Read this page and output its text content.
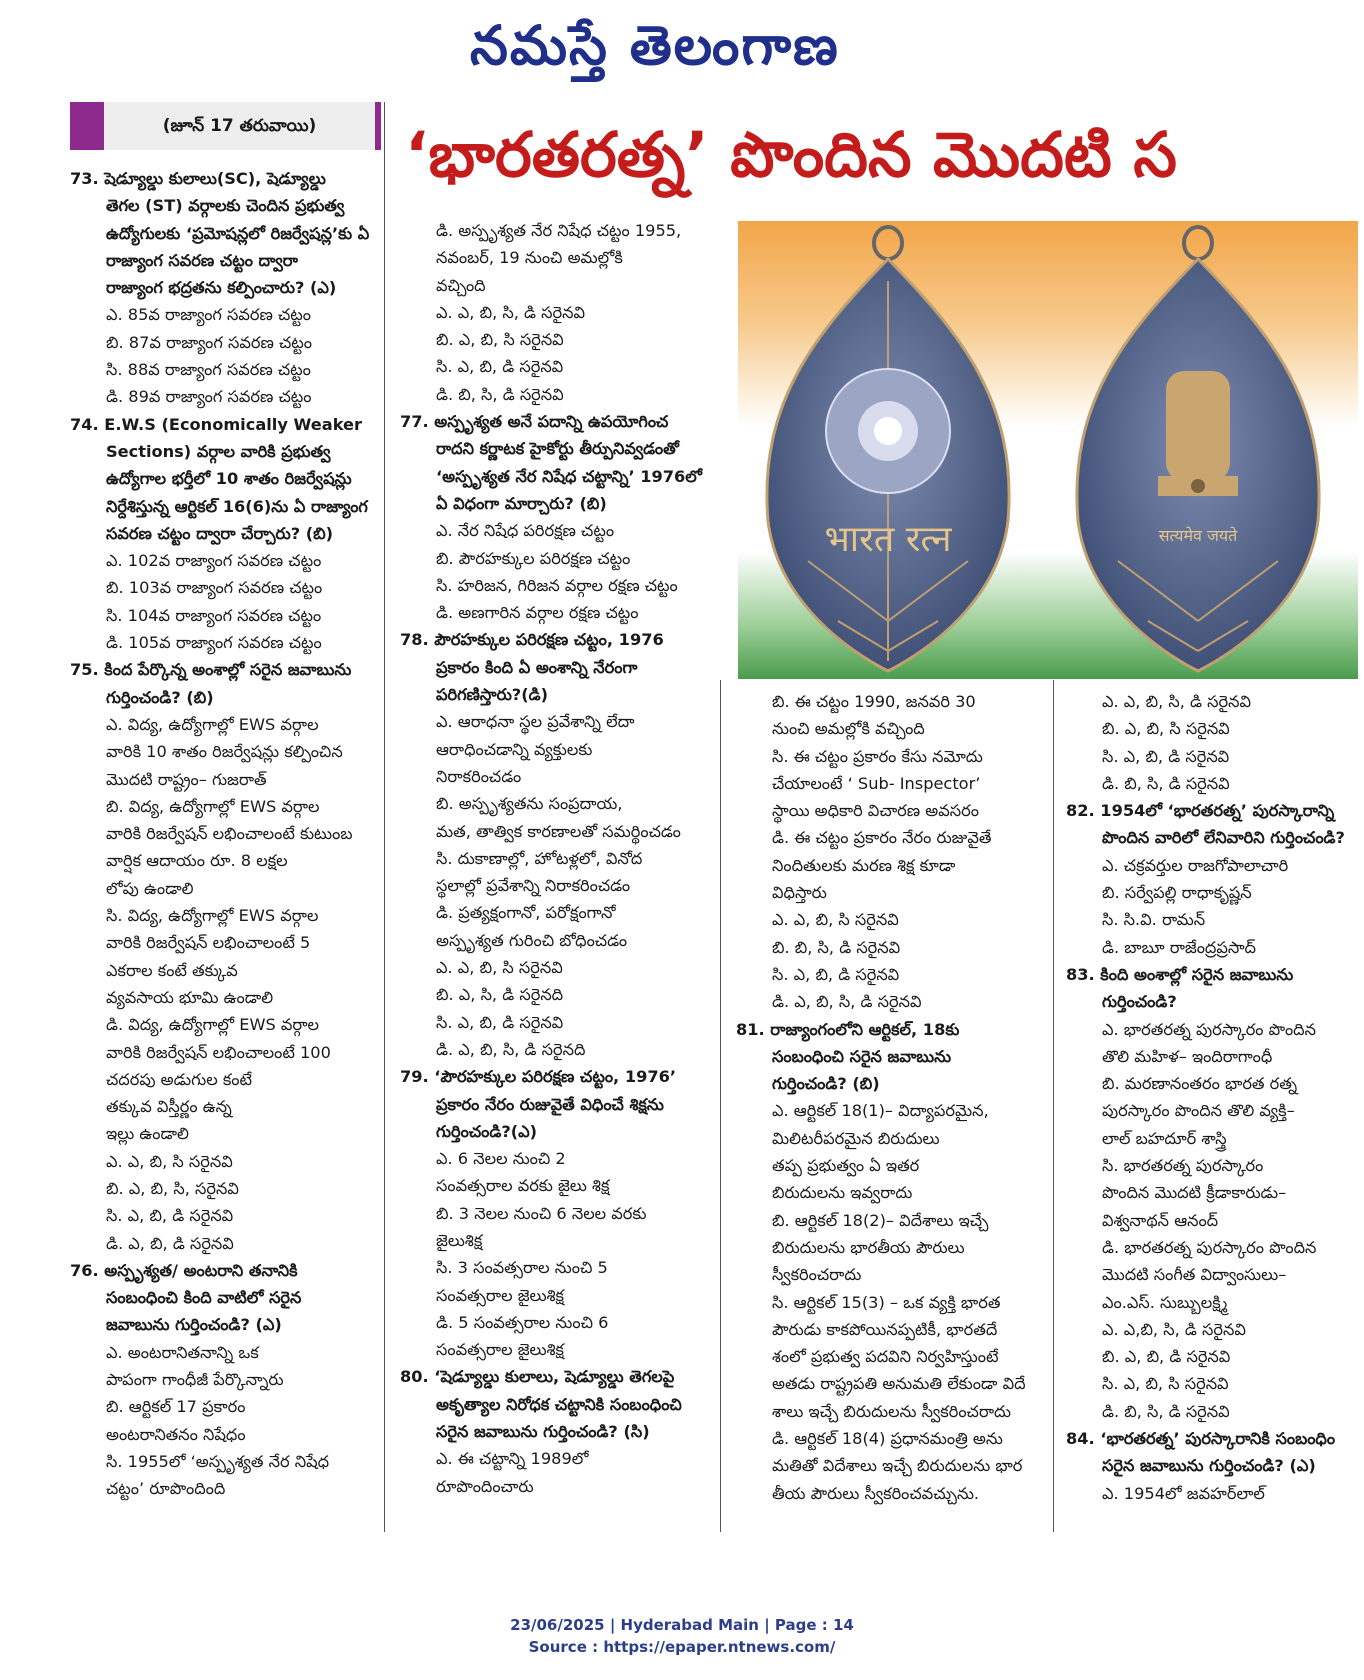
నమస్తే తెలంగాణ
(జూన్ 17 తరువాయి)	‘భారతరత్న’ పొందిన మొదటి స
भारत रत्न	सत्यमेव जयते

73. షెడ్యూల్డు కులాలు(SC), షెడ్యూల్డు

తెగల (ST) వర్గాలకు చెందిన ప్రభుత్వ

ఉద్యోగులకు ‘ప్రమోషన్లలో రిజర్వేషన్ల’కు ఏ

రాజ్యాంగ సవరణ చట్టం ద్వారా

రాజ్యాంగ భద్రతను కల్పించారు? (ఎ)

ఎ. 85వ రాజ్యాంగ సవరణ చట్టం

బి. 87వ రాజ్యాంగ సవరణ చట్టం

సి. 88వ రాజ్యాంగ సవరణ చట్టం

డి. 89వ రాజ్యాంగ సవరణ చట్టం

74. E.W.S (Economically Weaker

Sections) వర్గాల వారికి ప్రభుత్వ

ఉద్యోగాల భర్తీలో 10 శాతం రిజర్వేషన్లు

నిర్దేశిస్తున్న ఆర్టికల్ 16(6)ను ఏ రాజ్యాంగ

సవరణ చట్టం ద్వారా చేర్చారు? (బి)

ఎ. 102వ రాజ్యాంగ సవరణ చట్టం

బి. 103వ రాజ్యాంగ సవరణ చట్టం

సి. 104వ రాజ్యాంగ సవరణ చట్టం

డి. 105వ రాజ్యాంగ సవరణ చట్టం

75. కింద పేర్కొన్న అంశాల్లో సరైన జవాబును

గుర్తించండి? (బి)

ఎ. విద్య, ఉద్యోగాల్లో EWS వర్గాల

వారికి 10 శాతం రిజర్వేషన్లు కల్పించిన

మొదటి రాష్ట్రం– గుజరాత్

బి. విద్య, ఉద్యోగాల్లో EWS వర్గాల

వారికి రిజర్వేషన్ లభించాలంటే కుటుంబ

వార్షిక ఆదాయం రూ. 8 లక్షల

లోపు ఉండాలి

సి. విద్య, ఉద్యోగాల్లో EWS వర్గాల

వారికి రిజర్వేషన్ లభించాలంటే 5

ఎకరాల కంటే తక్కువ

వ్యవసాయ భూమి ఉండాలి

డి. విద్య, ఉద్యోగాల్లో EWS వర్గాల

వారికి రిజర్వేషన్ లభించాలంటే 100

చదరపు అడుగుల కంటే

తక్కువ విస్తీర్ణం ఉన్న

ఇల్లు ఉండాలి

ఎ. ఎ, బి, సి సరైనవి

బి. ఎ, బి, సి, సరైనవి

సి. ఎ, బి, డి సరైనవి

డి. ఎ, బి, డి సరైనవి

76. అస్పృశ్యత/ అంటరాని తనానికి

సంబంధించి కింది వాటిలో సరైన

జవాబును గుర్తించండి? (ఎ)

ఎ. అంటరానితనాన్ని ఒక

పాపంగా గాంధీజీ పేర్కొన్నారు

బి. ఆర్టికల్ 17 ప్రకారం

అంటరానితనం నిషేధం

సి. 1955లో ‘అస్పృశ్యత నేర నిషేధ

చట్టం’ రూపొందింది

డి. అస్పృశ్యత నేర నిషేధ చట్టం 1955,

నవంబర్, 19 నుంచి అమల్లోకి

వచ్చింది

ఎ. ఎ, బి, సి, డి సరైనవి

బి. ఎ, బి, సి సరైనవి

సి. ఎ, బి, డి సరైనవి

డి. బి, సి, డి సరైనవి

77. అస్పృశ్యత అనే పదాన్ని ఉపయోగించ

రాదని కర్ణాటక హైకోర్టు తీర్పునివ్వడంతో

‘అస్పృశ్యత నేర నిషేధ చట్టాన్ని’ 1976లో

ఏ విధంగా మార్చారు? (బి)

ఎ. నేర నిషేధ పరిరక్షణ చట్టం

బి. పౌరహక్కుల పరిరక్షణ చట్టం

సి. హరిజన, గిరిజన వర్గాల రక్షణ చట్టం

డి. అణగారిన వర్గాల రక్షణ చట్టం

78. పౌరహక్కుల పరిరక్షణ చట్టం, 1976

ప్రకారం కింది ఏ అంశాన్ని నేరంగా

పరిగణిస్తారు?(డి)

ఎ. ఆరాధనా స్థల ప్రవేశాన్ని లేదా

ఆరాధించడాన్ని వ్యక్తులకు

నిరాకరించడం

బి. అస్పృశ్యతను సంప్రదాయ,

మత, తాత్విక కారణాలతో సమర్థించడం

సి. దుకాణాల్లో, హోటళ్లలో, వినోద

స్థలాల్లో ప్రవేశాన్ని నిరాకరించడం

డి. ప్రత్యక్షంగానో, పరోక్షంగానో

అస్పృశ్యత గురించి బోధించడం

ఎ. ఎ, బి, సి సరైనవి

బి. ఎ, సి, డి సరైనది

సి. ఎ, బి, డి సరైనవి

డి. ఎ, బి, సి, డి సరైనది

79. ‘పౌరహక్కుల పరిరక్షణ చట్టం, 1976’

ప్రకారం నేరం రుజువైతే విధించే శిక్షను

గుర్తించండి?(ఎ)

ఎ. 6 నెలల నుంచి 2

సంవత్సరాల వరకు జైలు శిక్ష

బి. 3 నెలల నుంచి 6 నెలల వరకు

జైలుశిక్ష

సి. 3 సంవత్సరాల నుంచి 5

సంవత్సరాల జైలుశిక్ష

డి. 5 సంవత్సరాల నుంచి 6

సంవత్సరాల జైలుశిక్ష

80. ‘షెడ్యూల్డు కులాలు, షెడ్యూల్డు తెగలపై

అకృత్యాల నిరోధక చట్టానికి సంబంధించి

సరైన జవాబును గుర్తించండి? (సి)

ఎ. ఈ చట్టాన్ని 1989లో

రూపొందించారు

బి. ఈ చట్టం 1990, జనవరి 30

నుంచి అమల్లోకి వచ్చింది

సి. ఈ చట్టం ప్రకారం కేసు నమోదు

చేయాలంటే ‘ Sub- Inspector’

స్థాయి అధికారి విచారణ అవసరం

డి. ఈ చట్టం ప్రకారం నేరం రుజువైతే

నిందితులకు మరణ శిక్ష కూడా

విధిస్తారు

ఎ. ఎ, బి, సి సరైనవి

బి. బి, సి, డి సరైనవి

సి. ఎ, బి, డి సరైనవి

డి. ఎ, బి, సి, డి సరైనవి

81. రాజ్యాంగంలోని ఆర్టికల్, 18కు

సంబంధించి సరైన జవాబును

గుర్తించండి? (బి)

ఎ. ఆర్టికల్ 18(1)– విద్యాపరమైన,

మిలిటరీపరమైన బిరుదులు

తప్ప ప్రభుత్వం ఏ ఇతర

బిరుదులను ఇవ్వరాదు

బి. ఆర్టికల్ 18(2)– విదేశాలు ఇచ్చే

బిరుదులను భారతీయ పౌరులు

స్వీకరించరాదు

సి. ఆర్టికల్ 15(3) – ఒక వ్యక్తి భారత

పౌరుడు కాకపోయినప్పటికీ, భారతదే

శంలో ప్రభుత్వ పదవిని నిర్వహిస్తుంటే

అతడు రాష్ట్రపతి అనుమతి లేకుండా విదే

శాలు ఇచ్చే బిరుదులను స్వీకరించరాదు

డి. ఆర్టికల్ 18(4) ప్రధానమంత్రి అను

మతితో విదేశాలు ఇచ్చే బిరుదులను భార

తీయ పౌరులు స్వీకరించవచ్చును.

ఎ. ఎ, బి, సి, డి సరైనవి

బి. ఎ, బి, సి సరైనవి

సి. ఎ, బి, డి సరైనవి

డి. బి, సి, డి సరైనవి

82. 1954లో ‘భారతరత్న’ పురస్కారాన్ని

పొందిన వారిలో లేనివారిని గుర్తించండి?

ఎ. చక్రవర్తుల రాజగోపాలాచారి

బి. సర్వేపల్లి రాధాకృష్ణన్

సి. సి.వి. రామన్

డి. బాబూ రాజేంద్రప్రసాద్

83. కింది అంశాల్లో సరైన జవాబును

గుర్తించండి?

ఎ. భారతరత్న పురస్కారం పొందిన

తొలి మహిళ– ఇందిరాగాంధీ

బి. మరణానంతరం భారత రత్న

పురస్కారం పొందిన తొలి వ్యక్తి–

లాల్ బహదూర్ శాస్త్రి

సి. భారతరత్న పురస్కారం

పొందిన మొదటి క్రీడాకారుడు–

విశ్వనాథన్ ఆనంద్

డి. భారతరత్న పురస్కారం పొందిన

మొదటి సంగీత విద్వాంసులు–

ఎం.ఎస్. సుబ్బులక్ష్మి

ఎ. ఎ,బి, సి, డి సరైనవి

బి. ఎ, బి, డి సరైనవి

సి. ఎ, బి, సి సరైనవి

డి. బి, సి, డి సరైనవి

84. ‘భారతరత్న’ పురస్కారానికి సంబంధిం

సరైన జవాబును గుర్తించండి? (ఎ)

ఎ. 1954లో జవహర్‌లాల్

23/06/2025 | Hyderabad Main | Page : 14
Source : https://epaper.ntnews.com/
